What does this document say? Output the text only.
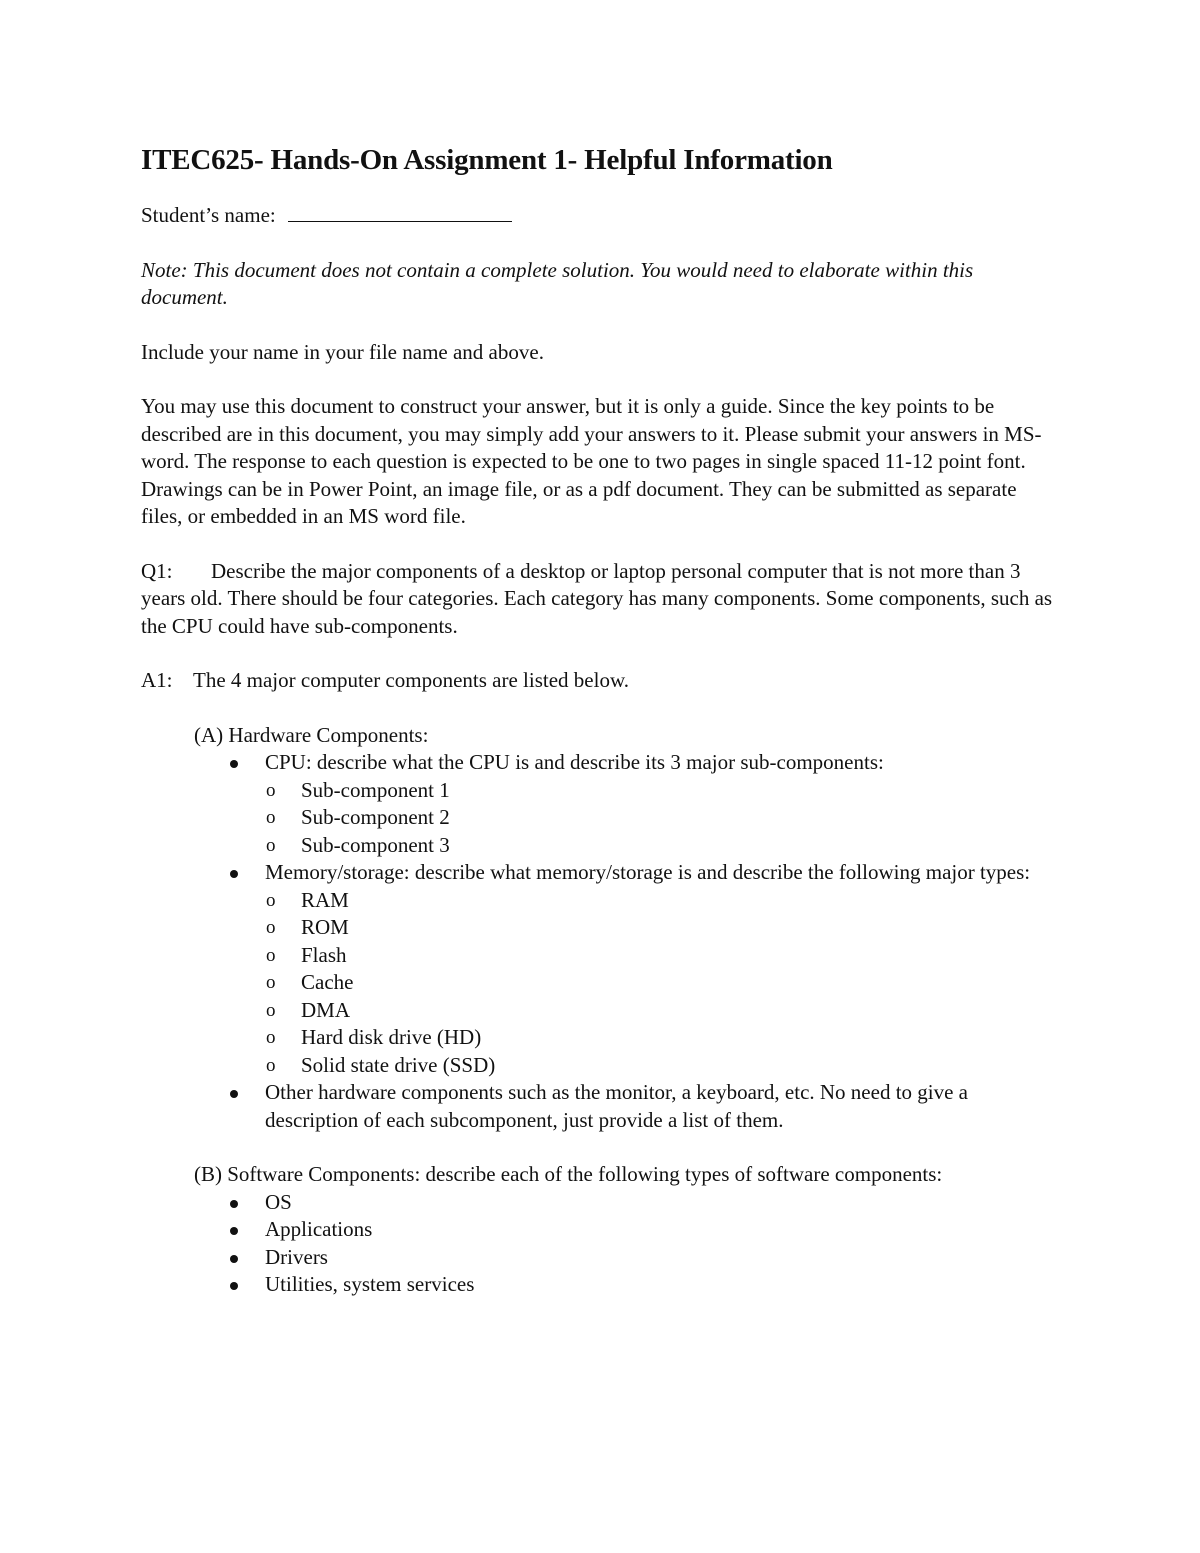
ITEC625- Hands-On Assignment 1- Helpful Information
Student’s name:

Note: This document does not contain a complete solution. You would need to elaborate within this document.

Include your name in your file name and above.

You may use this document to construct your answer, but it is only a guide. Since the key points to be described are in this document, you may simply add your answers to it. Please submit your answers in MS-word. The response to each question is expected to be one to two pages in single spaced 11-12 point font. Drawings can be in Power Point, an image file, or as a pdf document. They can be submitted as separate files, or embedded in an MS word file.

Q1: Describe the major components of a desktop or laptop personal computer that is not more than 3 years old. There should be four categories. Each category has many components. Some components, such as the CPU could have sub-components.

A1: The 4 major computer components are listed below.

(A) Hardware Components:

CPU: describe what the CPU is and describe its 3 major sub-components:
o Sub-component 1
o Sub-component 2
o Sub-component 3
Memory/storage: describe what memory/storage is and describe the following major types:
o RAM
o ROM
o Flash
o Cache
o DMA
o Hard disk drive (HD)
o Solid state drive (SSD)
Other hardware components such as the monitor, a keyboard, etc. No need to give a description of each subcomponent, just provide a list of them.

(B) Software Components: describe each of the following types of software components:

OS
Applications
Drivers
Utilities, system services
